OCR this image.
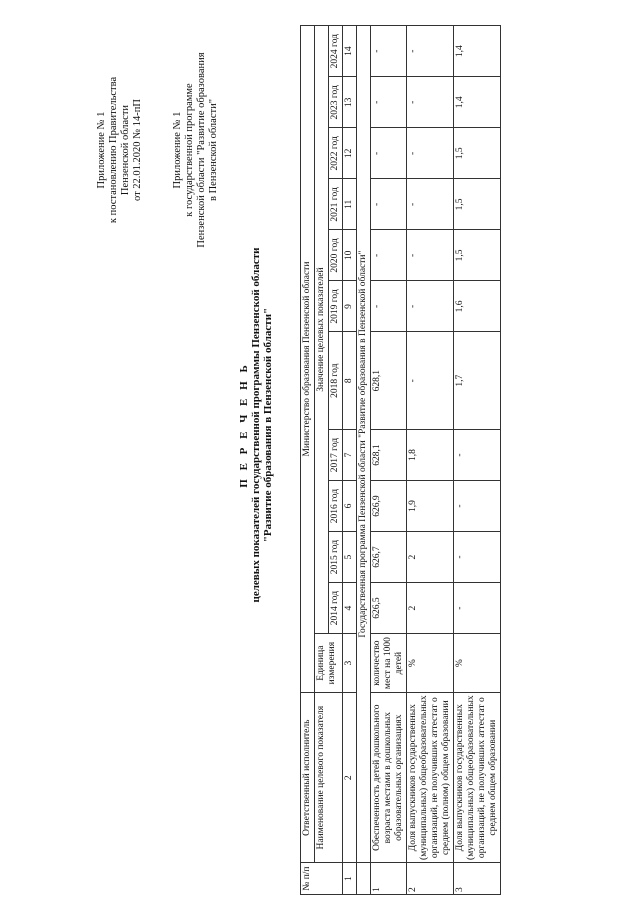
Приложение № 1 к постановлению Правительства Пензенской области от 22.01.2020 № 14-пП	Приложение № 1 к государственной программе Пензенской области "Развитие образования в Пензенской области"
П Е Р Е Ч Е Н Ь целевых показателей государственной программы Пензенской области "Развитие образования в Пензенской области"
№ п/п	Ответственный исполнитель	Министерство образования Пензенской области											
	Наименование целевого показателя	Единица измерения	Значение целевых показателей										
			2014 год	2015 год	2016 год	2017 год	2018 год	2019 год	2020 год	2021 год	2022 год	2023 год	2024 год
1	2	3	4	5	6	7	8	9	10	11	12	13	14
	Государственная программа Пензенской области "Развитие образования в Пензенской области"												
1	Обеспеченность детей дошкольного возраста местами в дошкольных образовательных организациях	количество мест на 1000 детей	626,5	626,7	626,9	628,1	628,1	-	-	-	-	-	-
2	Доля выпускников государственных (муниципальных) общеобразовательных организаций, не получивших аттестат о среднем (полном) общем образовании	%	2	2	1,9	1,8	-	-	-	-	-	-	-
3	Доля выпускников государственных (муниципальных) общеобразовательных организаций, не получивших аттестат о среднем общем образовании	%	-	-	-	-	1,7	1,6	1,5	1,5	1,5	1,4	1,4
